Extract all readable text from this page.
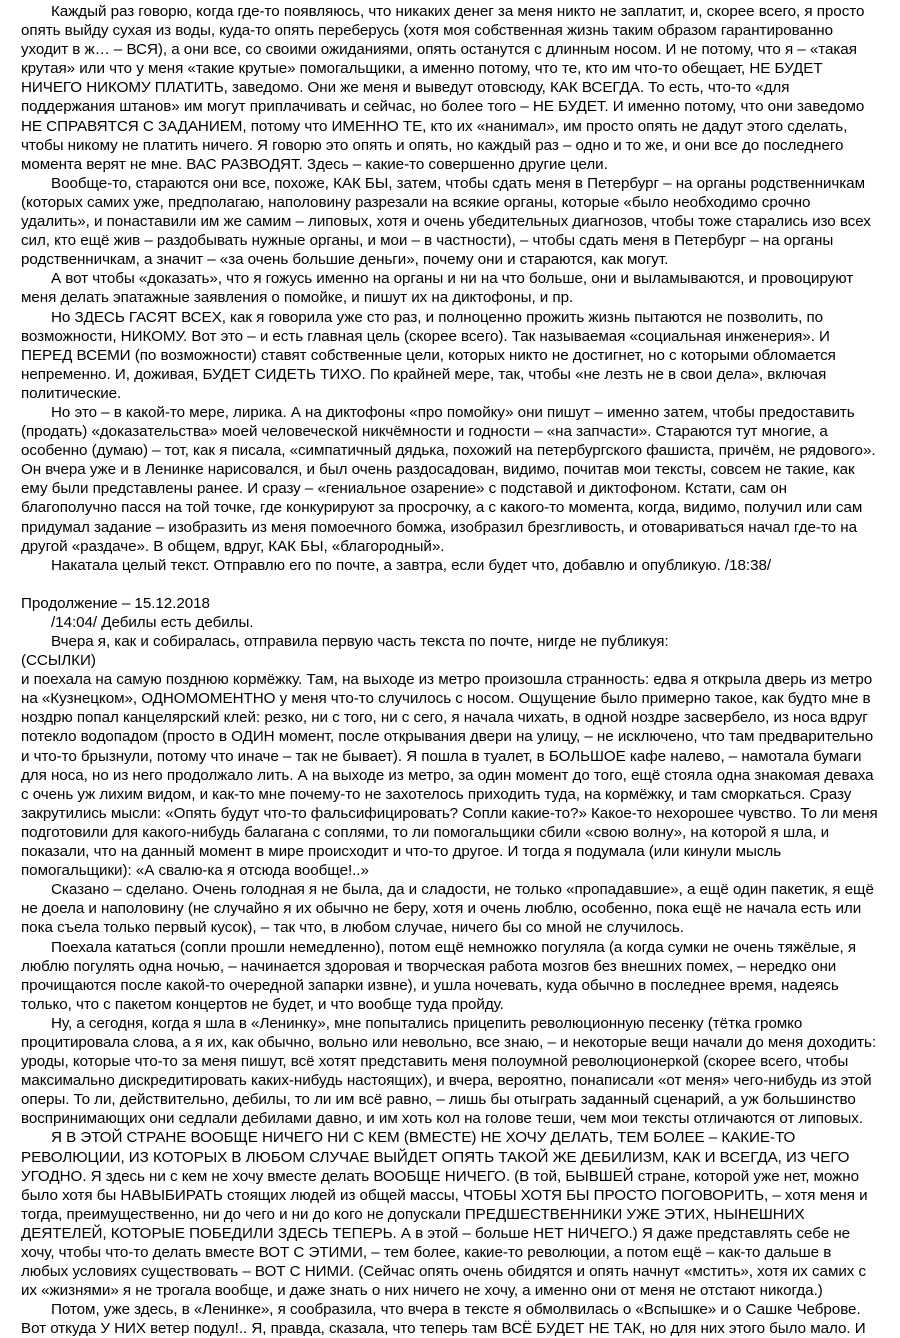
Каждый раз говорю, когда где-то появляюсь, что никаких денег за меня никто не заплатит, и, скорее всего, я просто опять выйду сухая из воды, куда-то опять переберусь (хотя моя собственная жизнь таким образом гарантированно уходит в ж… – ВСЯ), а они все, со своими ожиданиями, опять останутся с длинным носом. И не потому, что я – «такая крутая» или что у меня «такие крутые» помогальщики, а именно потому, что те, кто им что-то обещает, НЕ БУДЕТ НИЧЕГО НИКОМУ ПЛАТИТЬ, заведомо. Они же меня и выведут отовсюду, КАК ВСЕГДА. То есть, что-то «для поддержания штанов» им могут приплачивать и сейчас, но более того – НЕ БУДЕТ. И именно потому, что они заведомо НЕ СПРАВЯТСЯ С ЗАДАНИЕМ, потому что ИМЕННО ТЕ, кто их «нанимал», им просто опять не дадут этого сделать, чтобы никому не платить ничего. Я говорю это опять и опять, но каждый раз – одно и то же, и они все до последнего момента верят не мне. ВАС РАЗВОДЯТ. Здесь – какие-то совершенно другие цели.

Вообще-то, стараются они все, похоже, КАК БЫ, затем, чтобы сдать меня в Петербург – на органы родственничкам (которых самих уже, предполагаю, наполовину разрезали на всякие органы, которые «было необходимо срочно удалить», и понаставили им же самим – липовых, хотя и очень убедительных диагнозов, чтобы тоже старались изо всех сил, кто ещё жив – раздобывать нужные органы, и мои – в частности), – чтобы сдать меня в Петербург – на органы родственничкам, а значит – «за очень большие деньги», почему они и стараются, как могут.

А вот чтобы «доказать», что я гожусь именно на органы и ни на что больше, они и выламываются, и провоцируют меня делать эпатажные заявления о помойке, и пишут их на диктофоны, и пр.

Но ЗДЕСЬ ГАСЯТ ВСЕХ, как я говорила уже сто раз, и полноценно прожить жизнь пытаются не позволить, по возможности, НИКОМУ. Вот это – и есть главная цель (скорее всего). Так называемая «социальная инженерия». И ПЕРЕД ВСЕМИ (по возможности) ставят собственные цели, которых никто не достигнет, но с которыми обломается непременно. И, доживая, БУДЕТ СИДЕТЬ ТИХО. По крайней мере, так, чтобы «не лезть не в свои дела», включая политические.

Но это – в какой-то мере, лирика. А на диктофоны «про помойку» они пишут – именно затем, чтобы предоставить (продать) «доказательства» моей человеческой никчёмности и годности – «на запчасти». Стараются тут многие, а особенно (думаю) – тот, как я писала, «симпатичный дядька, похожий на петербургского фашиста, причём, не рядового». Он вчера уже и в Ленинке нарисовался, и был очень раздосадован, видимо, почитав мои тексты, совсем не такие, как ему были представлены ранее. И сразу – «гениальное озарение» с подставой и диктофоном. Кстати, сам он благополучно пасся на той точке, где конкурируют за просрочку, а с какого-то момента, когда, видимо, получил или сам придумал задание – изобразить из меня помоечного бомжа, изобразил брезгливость, и отовариваться начал где-то на другой «раздаче». В общем, вдруг, КАК БЫ, «благородный».

Накатала целый текст. Отправлю его по почте, а завтра, если будет что, добавлю и опубликую. /18:38/

Продолжение – 15.12.2018

/14:04/ Дебилы есть дебилы.

Вчера я, как и собиралась, отправила первую часть текста по почте, нигде не публикуя:

(ССЫЛКИ)

и поехала на самую позднюю кормёжку. Там, на выходе из метро произошла странность: едва я открыла дверь из метро на «Кузнецком», ОДНОМОМЕНТНО у меня что-то случилось с носом. Ощущение было примерно такое, как будто мне в ноздрю попал канцелярский клей: резко, ни с того, ни с сего, я начала чихать, в одной ноздре засвербело, из носа вдруг потекло водопадом (просто в ОДИН момент, после открывания двери на улицу, – не исключено, что там предварительно и что-то брызнули, потому что иначе – так не бывает). Я пошла в туалет, в БОЛЬШОЕ кафе налево, – намотала бумаги для носа, но из него продолжало лить. А на выходе из метро, за один момент до того, ещё стояла одна знакомая деваха с очень уж лихим видом, и как-то мне почему-то не захотелось приходить туда, на кормёжку, и там сморкаться. Сразу закрутились мысли: «Опять будут что-то фальсифицировать? Сопли какие-то?» Какое-то нехорошее чувство. То ли меня подготовили для какого-нибудь балагана с соплями, то ли помогальщики сбили «свою волну», на которой я шла, и показали, что на данный момент в мире происходит и что-то другое. И тогда я подумала (или кинули мысль помогальщики): «А свалю-ка я отсюда вообще!..»

Сказано – сделано. Очень голодная я не была, да и сладости, не только «пропадавшие», а ещё один пакетик, я ещё не доела и наполовину (не случайно я их обычно не беру, хотя и очень люблю, особенно, пока ещё не начала есть или пока съела только первый кусок), – так что, в любом случае, ничего бы со мной не случилось.

Поехала кататься (сопли прошли немедленно), потом ещё немножко погуляла (а когда сумки не очень тяжёлые, я люблю погулять одна ночью, – начинается здоровая и творческая работа мозгов без внешних помех, – нередко они прочищаются после какой-то очередной запарки извне), и ушла ночевать, куда обычно в последнее время, надеясь только, что с пакетом концертов не будет, и что вообще туда пройду.

Ну, а сегодня, когда я шла в «Ленинку», мне попытались прицепить революционную песенку (тётка громко процитировала слова, а я их, как обычно, вольно или невольно, все знаю, – и некоторые вещи начали до меня доходить: уроды, которые что-то за меня пишут, всё хотят представить меня полоумной революционеркой (скорее всего, чтобы максимально дискредитировать каких-нибудь настоящих), и вчера, вероятно, понаписали «от меня» чего-нибудь из этой оперы. То ли, действительно, дебилы, то ли им всё равно, – лишь бы отыграть заданный сценарий, а уж большинство воспринимающих они седлали дебилами давно, и им хоть кол на голове теши, чем мои тексты отличаются от липовых.

Я В ЭТОЙ СТРАНЕ ВООБЩЕ НИЧЕГО НИ С КЕМ (ВМЕСТЕ) НЕ ХОЧУ ДЕЛАТЬ, ТЕМ БОЛЕЕ – КАКИЕ-ТО РЕВОЛЮЦИИ, ИЗ КОТОРЫХ В ЛЮБОМ СЛУЧАЕ ВЫЙДЕТ ОПЯТЬ ТАКОЙ ЖЕ ДЕБИЛИЗМ, КАК И ВСЕГДА, ИЗ ЧЕГО УГОДНО. Я здесь ни с кем не хочу вместе делать ВООБЩЕ НИЧЕГО. (В той, БЫВШЕЙ стране, которой уже нет, можно было хотя бы НАВЫБИРАТЬ стоящих людей из общей массы, ЧТОБЫ ХОТЯ БЫ ПРОСТО ПОГОВОРИТЬ, – хотя меня и тогда, преимущественно, ни до чего и ни до кого не допускали ПРЕДШЕСТВЕННИКИ УЖЕ ЭТИХ, НЫНЕШНИХ ДЕЯТЕЛЕЙ, КОТОРЫЕ ПОБЕДИЛИ ЗДЕСЬ ТЕПЕРЬ. А в этой – больше НЕТ НИЧЕГО.) Я даже представлять себе не хочу, чтобы что-то делать вместе ВОТ С ЭТИМИ, – тем более, какие-то революции, а потом ещё – как-то дальше в любых условиях существовать – ВОТ С НИМИ. (Сейчас опять очень обидятся и опять начнут «мстить», хотя их самих с их «жизнями» я не трогала вообще, и даже знать о них ничего не хочу, а именно они от меня не отстают никогда.)

Потом, уже здесь, в «Ленинке», я сообразила, что вчера в тексте я обмолвилась о «Вспышке» и о Сашке Чеброве. Вот откуда У НИХ ветер подул!.. Я, правда, сказала, что теперь там ВСЁ БУДЕТ НЕ ТАК, но для них этого было мало. И
